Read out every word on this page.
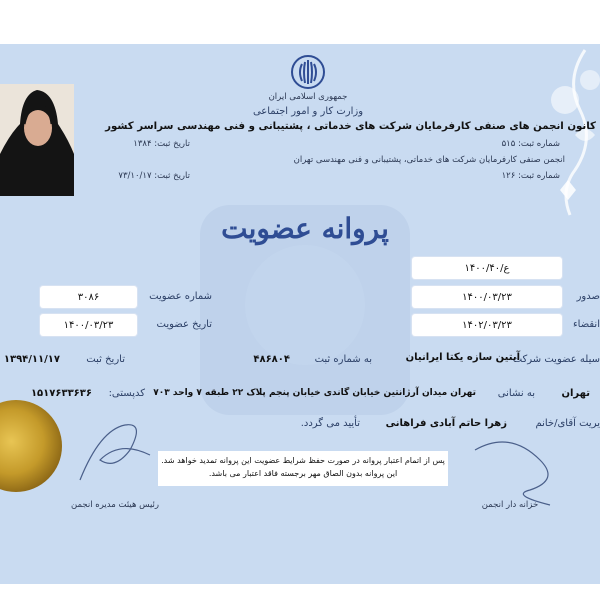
جمهوری اسلامی ایران
وزارت کار و امور اجتماعی
کانون انجمن های صنفی کارفرمایان شرکت های خدماتی ، پشتیبانی و فنی مهندسی سراسر کشور
شماره ثبت: ۵۱۵
تاریخ ثبت: ۱۳۸۴
انجمن صنفی کارفرمایان شرکت های خدماتی، پشتیبانی و فنی مهندسی تهران
شماره ثبت: ۱۲۶
تاریخ ثبت: ۷۳/۱۰/۱۷
پروانه عضویت
۱۴۰۰/ع/۴۰
۱۴۰۰/۰۳/۲۳	صدور
۱۴۰۲/۰۳/۲۳	انقضاء
۳۰۸۶	شماره عضویت
۱۴۰۰/۰۳/۲۳	تاریخ عضویت
سیله عضویت شرکت
آبتین سازه یکتا ایرانیان
به شماره ثبت
۴۸۶۸۰۴
تاریخ ثبت
۱۳۹۴/۱۱/۱۷
تهران
به نشانی
تهران میدان آرژانتین خیابان گاندی خیابان پنجم پلاک ۲۲ طبقه ۷ واحد ۷۰۳
کدپستی:
۱۵۱۷۶۳۳۶۳۶
یریت آقای/خانم
زهرا حاتم آبادی فراهانی
تأیید می گردد.
پس از اتمام اعتبار پروانه در صورت حفظ شرایط عضویت این پروانه تمدید خواهد شد.
این پروانه بدون الصاق مهر برجسته فاقد اعتبار می باشد.
رئیس هیئت مدیره انجمن	خزانه دار انجمن
